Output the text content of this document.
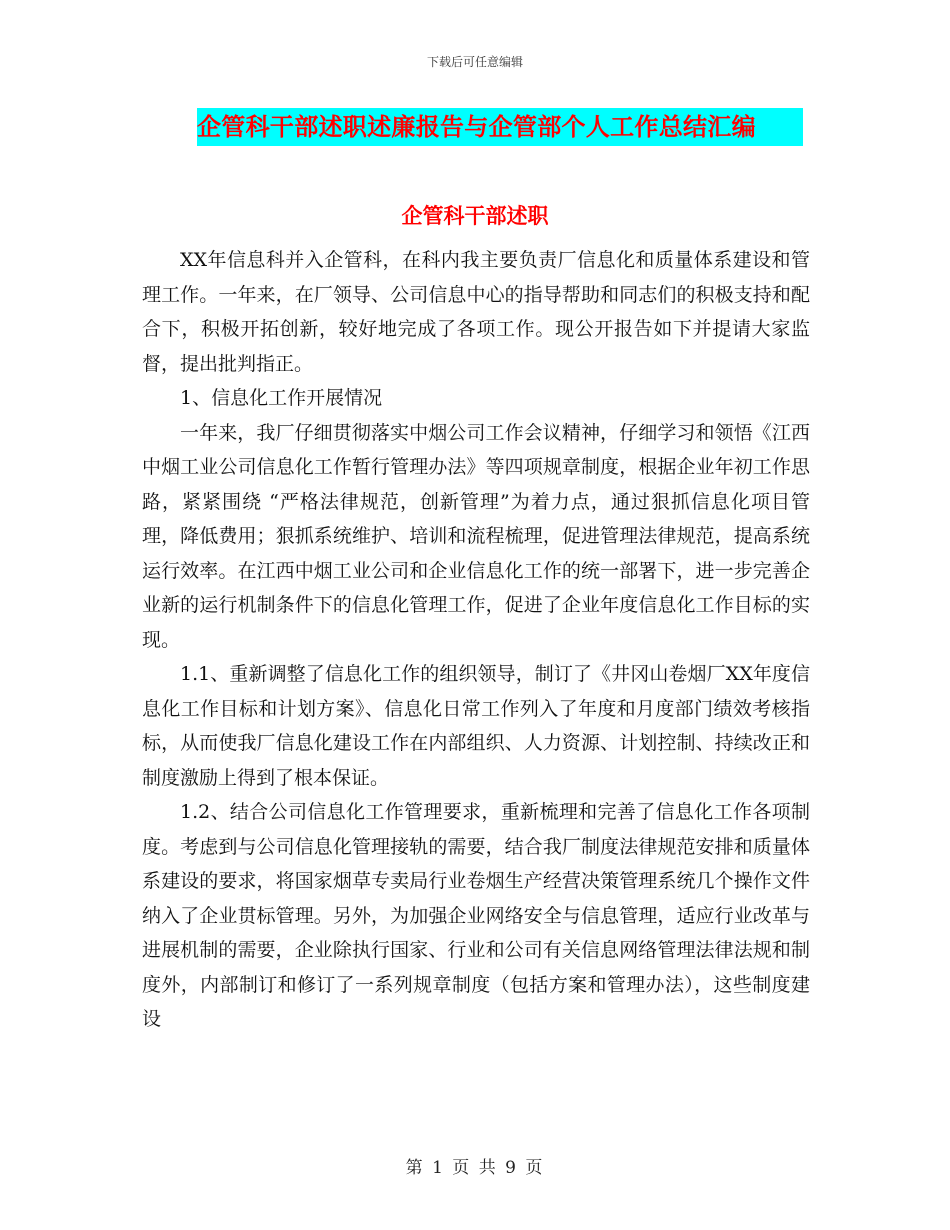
下载后可任意编辑
企管科干部述职述廉报告与企管部个人工作总结汇编
企管科干部述职

XX年信息科并入企管科，在科内我主要负责厂信息化和质量体系建设和管理工作。一年来，在厂领导、公司信息中心的指导帮助和同志们的积极支持和配合下，积极开拓创新，较好地完成了各项工作。现公开报告如下并提请大家监督，提出批判指正。

1、信息化工作开展情况

一年来，我厂仔细贯彻落实中烟公司工作会议精神，仔细学习和领悟《江西中烟工业公司信息化工作暂行管理办法》等四项规章制度，根据企业年初工作思路，紧紧围绕 “严格法律规范，创新管理”为着力点，通过狠抓信息化项目管理，降低费用；狠抓系统维护、培训和流程梳理，促进管理法律规范，提高系统运行效率。在江西中烟工业公司和企业信息化工作的统一部署下，进一步完善企业新的运行机制条件下的信息化管理工作，促进了企业年度信息化工作目标的实现。

1.1、重新调整了信息化工作的组织领导，制订了《井冈山卷烟厂XX年度信息化工作目标和计划方案》、信息化日常工作列入了年度和月度部门绩效考核指标，从而使我厂信息化建设工作在内部组织、人力资源、计划控制、持续改正和制度激励上得到了根本保证。

1.2、结合公司信息化工作管理要求，重新梳理和完善了信息化工作各项制度。考虑到与公司信息化管理接轨的需要，结合我厂制度法律规范安排和质量体系建设的要求，将国家烟草专卖局行业卷烟生产经营决策管理系统几个操作文件纳入了企业贯标管理。另外，为加强企业网络安全与信息管理，适应行业改革与进展机制的需要，企业除执行国家、行业和公司有关信息网络管理法律法规和制度外，内部制订和修订了一系列规章制度（包括方案和管理办法），这些制度建设

第 1 页 共 9 页
